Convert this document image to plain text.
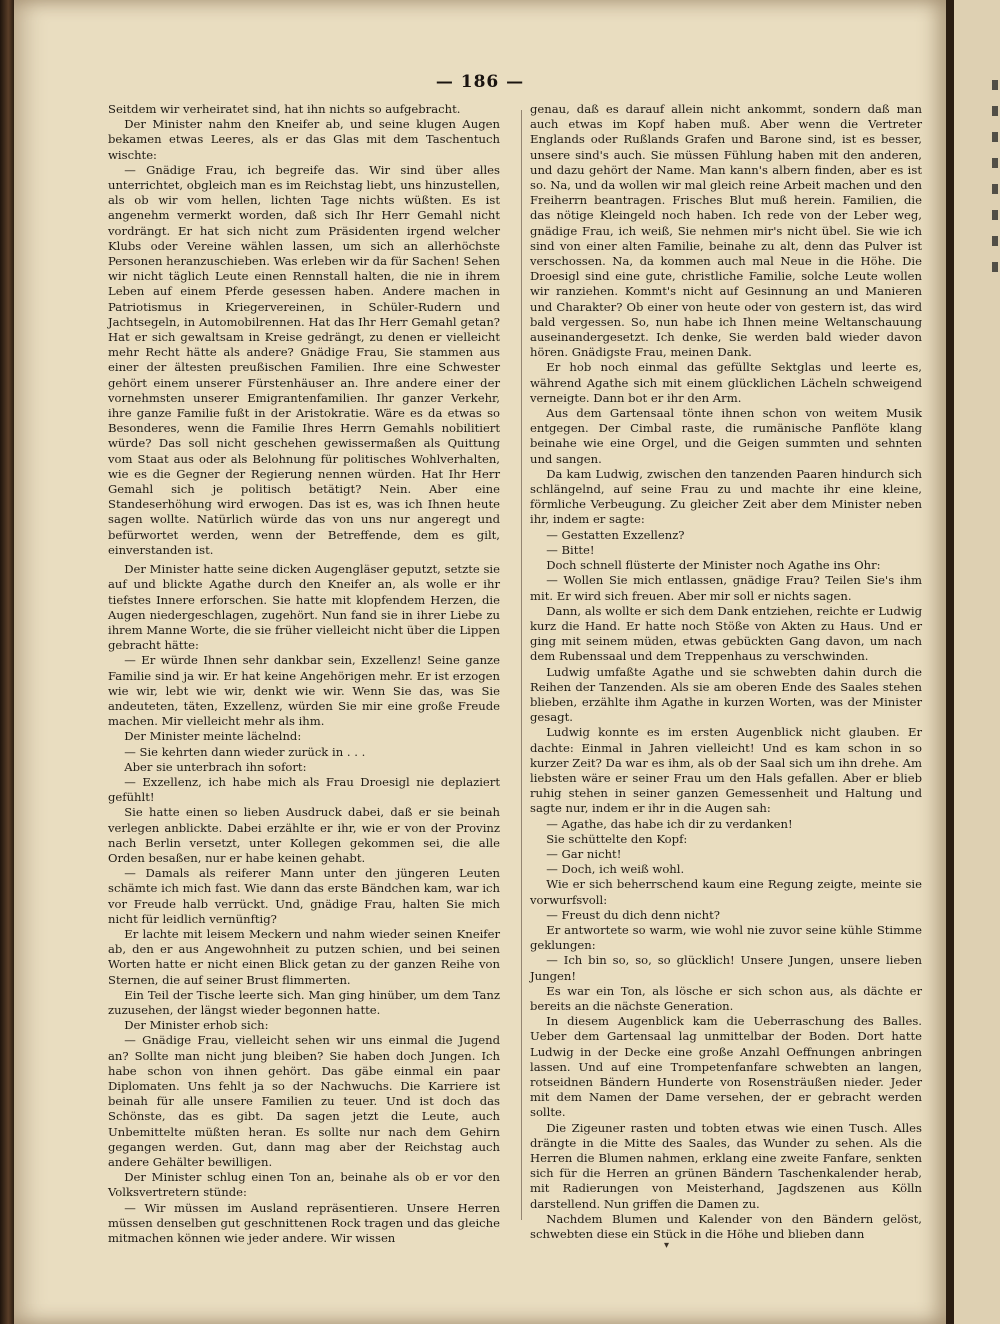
— 186 —

Seitdem wir verheiratet sind, hat ihn nichts so aufgebracht.

Der Minister nahm den Kneifer ab, und seine klugen Augen bekamen etwas Leeres, als er das Glas mit dem Taschentuch wischte:

— Gnädige Frau, ich begreife das. Wir sind über alles unterrichtet, obgleich man es im Reichstag liebt, uns hinzustellen, als ob wir vom hellen, lichten Tage nichts wüßten. Es ist angenehm vermerkt worden, daß sich Ihr Herr Gemahl nicht vordrängt. Er hat sich nicht zum Präsidenten irgend welcher Klubs oder Vereine wählen lassen, um sich an allerhöchste Personen heranzuschieben. Was erleben wir da für Sachen! Sehen wir nicht täglich Leute einen Rennstall halten, die nie in ihrem Leben auf einem Pferde gesessen haben. Andere machen in Patriotismus in Kriegervereinen, in Schüler-Rudern und Jachtsegeln, in Automobilrennen. Hat das Ihr Herr Gemahl getan? Hat er sich gewaltsam in Kreise gedrängt, zu denen er vielleicht mehr Recht hätte als andere? Gnädige Frau, Sie stammen aus einer der ältesten preußischen Familien. Ihre eine Schwester gehört einem unserer Fürstenhäuser an. Ihre andere einer der vornehmsten unserer Emigrantenfamilien. Ihr ganzer Verkehr, ihre ganze Familie fußt in der Aristokratie. Wäre es da etwas so Besonderes, wenn die Familie Ihres Herrn Gemahls nobilitiert würde? Das soll nicht geschehen gewissermaßen als Quittung vom Staat aus oder als Belohnung für politisches Wohlverhalten, wie es die Gegner der Regierung nennen würden. Hat Ihr Herr Gemahl sich je politisch betätigt? Nein. Aber eine Standeserhöhung wird erwogen. Das ist es, was ich Ihnen heute sagen wollte. Natürlich würde das von uns nur angeregt und befürwortet werden, wenn der Betreffende, dem es gilt, einverstanden ist.

Der Minister hatte seine dicken Augengläser geputzt, setzte sie auf und blickte Agathe durch den Kneifer an, als wolle er ihr tiefstes Innere erforschen. Sie hatte mit klopfendem Herzen, die Augen niedergeschlagen, zugehört. Nun fand sie in ihrer Liebe zu ihrem Manne Worte, die sie früher vielleicht nicht über die Lippen gebracht hätte:

— Er würde Ihnen sehr dankbar sein, Exzellenz! Seine ganze Familie sind ja wir. Er hat keine Angehörigen mehr. Er ist erzogen wie wir, lebt wie wir, denkt wie wir. Wenn Sie das, was Sie andeuteten, täten, Exzellenz, würden Sie mir eine große Freude machen. Mir vielleicht mehr als ihm.

Der Minister meinte lächelnd:

— Sie kehrten dann wieder zurück in . . .

Aber sie unterbrach ihn sofort:

— Exzellenz, ich habe mich als Frau Droesigl nie deplaziert gefühlt!

Sie hatte einen so lieben Ausdruck dabei, daß er sie beinah verlegen anblickte. Dabei erzählte er ihr, wie er von der Provinz nach Berlin versetzt, unter Kollegen gekommen sei, die alle Orden besaßen, nur er habe keinen gehabt.

— Damals als reiferer Mann unter den jüngeren Leuten schämte ich mich fast. Wie dann das erste Bändchen kam, war ich vor Freude halb verrückt. Und, gnädige Frau, halten Sie mich nicht für leidlich vernünftig?

Er lachte mit leisem Meckern und nahm wieder seinen Kneifer ab, den er aus Angewohnheit zu putzen schien, und bei seinen Worten hatte er nicht einen Blick getan zu der ganzen Reihe von Sternen, die auf seiner Brust flimmerten.

Ein Teil der Tische leerte sich. Man ging hinüber, um dem Tanz zuzusehen, der längst wieder begonnen hatte.

Der Minister erhob sich:

— Gnädige Frau, vielleicht sehen wir uns einmal die Jugend an? Sollte man nicht jung bleiben? Sie haben doch Jungen. Ich habe schon von ihnen gehört. Das gäbe einmal ein paar Diplomaten. Uns fehlt ja so der Nachwuchs. Die Karriere ist beinah für alle unsere Familien zu teuer. Und ist doch das Schönste, das es gibt. Da sagen jetzt die Leute, auch Unbemittelte müßten heran. Es sollte nur nach dem Gehirn gegangen werden. Gut, dann mag aber der Reichstag auch andere Gehälter bewilligen.

Der Minister schlug einen Ton an, beinahe als ob er vor den Volksvertretern stünde:

— Wir müssen im Ausland repräsentieren. Unsere Herren müssen denselben gut geschnittenen Rock tragen und das gleiche mitmachen können wie jeder andere. Wir wissen

genau, daß es darauf allein nicht ankommt, sondern daß man auch etwas im Kopf haben muß. Aber wenn die Vertreter Englands oder Rußlands Grafen und Barone sind, ist es besser, unsere sind's auch. Sie müssen Fühlung haben mit den anderen, und dazu gehört der Name. Man kann's albern finden, aber es ist so. Na, und da wollen wir mal gleich reine Arbeit machen und den Freiherrn beantragen. Frisches Blut muß herein. Familien, die das nötige Kleingeld noch haben. Ich rede von der Leber weg, gnädige Frau, ich weiß, Sie nehmen mir's nicht übel. Sie wie ich sind von einer alten Familie, beinahe zu alt, denn das Pulver ist verschossen. Na, da kommen auch mal Neue in die Höhe. Die Droesigl sind eine gute, christliche Familie, solche Leute wollen wir ranziehen. Kommt's nicht auf Gesinnung an und Manieren und Charakter? Ob einer von heute oder von gestern ist, das wird bald vergessen. So, nun habe ich Ihnen meine Weltanschauung auseinandergesetzt. Ich denke, Sie werden bald wieder davon hören. Gnädigste Frau, meinen Dank.

Er hob noch einmal das gefüllte Sektglas und leerte es, während Agathe sich mit einem glücklichen Lächeln schweigend verneigte. Dann bot er ihr den Arm.

Aus dem Gartensaal tönte ihnen schon von weitem Musik entgegen. Der Cimbal raste, die rumänische Panflöte klang beinahe wie eine Orgel, und die Geigen summten und sehnten und sangen.

Da kam Ludwig, zwischen den tanzenden Paaren hindurch sich schlängelnd, auf seine Frau zu und machte ihr eine kleine, förmliche Verbeugung. Zu gleicher Zeit aber dem Minister neben ihr, indem er sagte:

— Gestatten Exzellenz?

— Bitte!

Doch schnell flüsterte der Minister noch Agathe ins Ohr:

— Wollen Sie mich entlassen, gnädige Frau? Teilen Sie's ihm mit. Er wird sich freuen. Aber mir soll er nichts sagen.

Dann, als wollte er sich dem Dank entziehen, reichte er Ludwig kurz die Hand. Er hatte noch Stöße von Akten zu Haus. Und er ging mit seinem müden, etwas gebückten Gang davon, um nach dem Rubenssaal und dem Treppenhaus zu verschwinden.

Ludwig umfaßte Agathe und sie schwebten dahin durch die Reihen der Tanzenden. Als sie am oberen Ende des Saales stehen blieben, erzählte ihm Agathe in kurzen Worten, was der Minister gesagt.

Ludwig konnte es im ersten Augenblick nicht glauben. Er dachte: Einmal in Jahren vielleicht! Und es kam schon in so kurzer Zeit? Da war es ihm, als ob der Saal sich um ihn drehe. Am liebsten wäre er seiner Frau um den Hals gefallen. Aber er blieb ruhig stehen in seiner ganzen Gemessenheit und Haltung und sagte nur, indem er ihr in die Augen sah:

— Agathe, das habe ich dir zu verdanken!

Sie schüttelte den Kopf:

— Gar nicht!

— Doch, ich weiß wohl.

Wie er sich beherrschend kaum eine Regung zeigte, meinte sie vorwurfsvoll:

— Freust du dich denn nicht?

Er antwortete so warm, wie wohl nie zuvor seine kühle Stimme geklungen:

— Ich bin so, so, so glücklich! Unsere Jungen, unsere lieben Jungen!

Es war ein Ton, als lösche er sich schon aus, als dächte er bereits an die nächste Generation.

In diesem Augenblick kam die Ueberraschung des Balles. Ueber dem Gartensaal lag unmittelbar der Boden. Dort hatte Ludwig in der Decke eine große Anzahl Oeffnungen anbringen lassen. Und auf eine Trompetenfanfare schwebten an langen, rotseidnen Bändern Hunderte von Rosensträußen nieder. Jeder mit dem Namen der Dame versehen, der er gebracht werden sollte.

Die Zigeuner rasten und tobten etwas wie einen Tusch. Alles drängte in die Mitte des Saales, das Wunder zu sehen. Als die Herren die Blumen nahmen, erklang eine zweite Fanfare, senkten sich für die Herren an grünen Bändern Taschenkalender herab, mit Radierungen von Meisterhand, Jagdszenen aus Kölln darstellend. Nun griffen die Damen zu.

Nachdem Blumen und Kalender von den Bändern gelöst, schwebten diese ein Stück in die Höhe und blieben dann

▾
